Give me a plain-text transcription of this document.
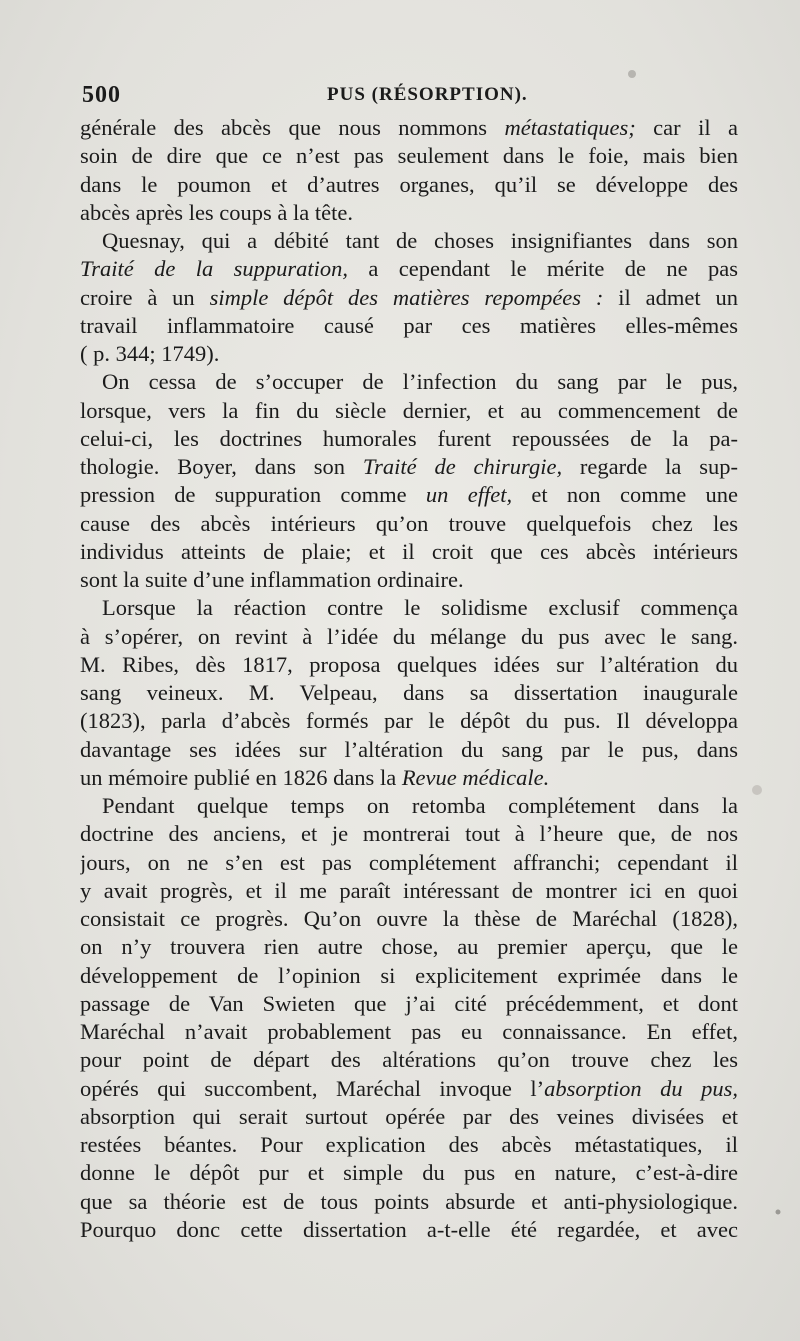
500	PUS (RÉSORPTION).
générale des abcès que nous nommons métastatiques; car il a
soin de dire que ce n’est pas seulement dans le foie, mais bien
dans le poumon et d’autres organes, qu’il se développe des
abcès après les coups à la tête.
Quesnay, qui a débité tant de choses insignifiantes dans son
Traité de la suppuration, a cependant le mérite de ne pas
croire à un simple dépôt des matières repompées : il admet un
travail inflammatoire causé par ces matières elles-mêmes
( p. 344; 1749).
On cessa de s’occuper de l’infection du sang par le pus,
lorsque, vers la fin du siècle dernier, et au commencement de
celui-ci, les doctrines humorales furent repoussées de la pa-
thologie. Boyer, dans son Traité de chirurgie, regarde la sup-
pression de suppuration comme un effet, et non comme une
cause des abcès intérieurs qu’on trouve quelquefois chez les
individus atteints de plaie; et il croit que ces abcès intérieurs
sont la suite d’une inflammation ordinaire.
Lorsque la réaction contre le solidisme exclusif commença
à s’opérer, on revint à l’idée du mélange du pus avec le sang.
M. Ribes, dès 1817, proposa quelques idées sur l’altération du
sang veineux. M. Velpeau, dans sa dissertation inaugurale
(1823), parla d’abcès formés par le dépôt du pus. Il développa
davantage ses idées sur l’altération du sang par le pus, dans
un mémoire publié en 1826 dans la Revue médicale.
Pendant quelque temps on retomba complétement dans la
doctrine des anciens, et je montrerai tout à l’heure que, de nos
jours, on ne s’en est pas complétement affranchi; cependant il
y avait progrès, et il me paraît intéressant de montrer ici en quoi
consistait ce progrès. Qu’on ouvre la thèse de Maréchal (1828),
on n’y trouvera rien autre chose, au premier aperçu, que le
développement de l’opinion si explicitement exprimée dans le
passage de Van Swieten que j’ai cité précédemment, et dont
Maréchal n’avait probablement pas eu connaissance. En effet,
pour point de départ des altérations qu’on trouve chez les
opérés qui succombent, Maréchal invoque l’absorption du pus,
absorption qui serait surtout opérée par des veines divisées et
restées béantes. Pour explication des abcès métastatiques, il
donne le dépôt pur et simple du pus en nature, c’est-à-dire
que sa théorie est de tous points absurde et anti-physiologique.
Pourquo donc cette dissertation a-t-elle été regardée, et avec
